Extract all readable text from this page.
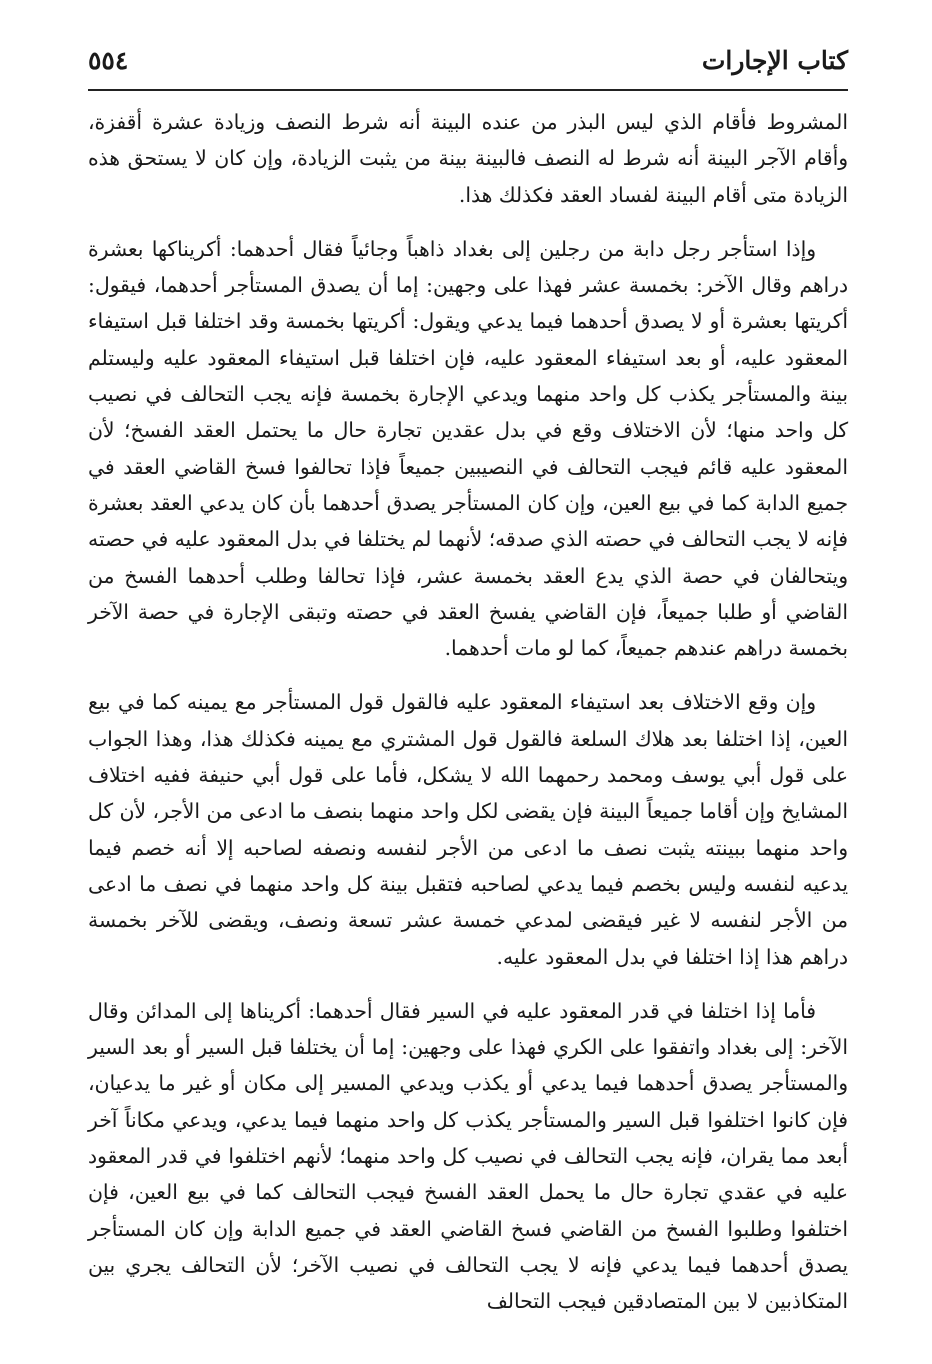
كتاب الإجارات
٥٥٤

المشروط فأقام الذي ليس البذر من عنده البينة أنه شرط النصف وزيادة عشرة أقفزة، وأقام الآجر البينة أنه شرط له النصف فالبينة بينة من يثبت الزيادة، وإن كان لا يستحق هذه الزيادة متى أقام البينة لفساد العقد فكذلك هذا.

وإذا استأجر رجل دابة من رجلين إلى بغداد ذاهباً وجائياً فقال أحدهما: أكريناكها بعشرة دراهم وقال الآخر: بخمسة عشر فهذا على وجهين: إما أن يصدق المستأجر أحدهما، فيقول: أكريتها بعشرة أو لا يصدق أحدهما فيما يدعي ويقول: أكريتها بخمسة وقد اختلفا قبل استيفاء المعقود عليه، أو بعد استيفاء المعقود عليه، فإن اختلفا قبل استيفاء المعقود عليه وليستلم بينة والمستأجر يكذب كل واحد منهما ويدعي الإجارة بخمسة فإنه يجب التحالف في نصيب كل واحد منها؛ لأن الاختلاف وقع في بدل عقدين تجارة حال ما يحتمل العقد الفسخ؛ لأن المعقود عليه قائم فيجب التحالف في النصيبين جميعاً فإذا تحالفوا فسخ القاضي العقد في جميع الدابة كما في بيع العين، وإن كان المستأجر يصدق أحدهما بأن كان يدعي العقد بعشرة فإنه لا يجب التحالف في حصته الذي صدقه؛ لأنهما لم يختلفا في بدل المعقود عليه في حصته ويتحالفان في حصة الذي يدع العقد بخمسة عشر، فإذا تحالفا وطلب أحدهما الفسخ من القاضي أو طلبا جميعاً، فإن القاضي يفسخ العقد في حصته وتبقى الإجارة في حصة الآخر بخمسة دراهم عندهم جميعاً، كما لو مات أحدهما.

وإن وقع الاختلاف بعد استيفاء المعقود عليه فالقول قول المستأجر مع يمينه كما في بيع العين، إذا اختلفا بعد هلاك السلعة فالقول قول المشتري مع يمينه فكذلك هذا، وهذا الجواب على قول أبي يوسف ومحمد رحمهما الله لا يشكل، فأما على قول أبي حنيفة ففيه اختلاف المشايخ وإن أقاما جميعاً البينة فإن يقضى لكل واحد منهما بنصف ما ادعى من الأجر، لأن كل واحد منهما ببينته يثبت نصف ما ادعى من الأجر لنفسه ونصفه لصاحبه إلا أنه خصم فيما يدعيه لنفسه وليس بخصم فيما يدعي لصاحبه فتقبل بينة كل واحد منهما في نصف ما ادعى من الأجر لنفسه لا غير فيقضى لمدعي خمسة عشر تسعة ونصف، ويقضى للآخر بخمسة دراهم هذا إذا اختلفا في بدل المعقود عليه.

فأما إذا اختلفا في قدر المعقود عليه في السير فقال أحدهما: أكريناها إلى المدائن وقال الآخر: إلى بغداد واتفقوا على الكري فهذا على وجهين: إما أن يختلفا قبل السير أو بعد السير والمستأجر يصدق أحدهما فيما يدعي أو يكذب ويدعي المسير إلى مكان أو غير ما يدعيان، فإن كانوا اختلفوا قبل السير والمستأجر يكذب كل واحد منهما فيما يدعي، ويدعي مكاناً آخر أبعد مما يقران، فإنه يجب التحالف في نصيب كل واحد منهما؛ لأنهم اختلفوا في قدر المعقود عليه في عقدي تجارة حال ما يحمل العقد الفسخ فيجب التحالف كما في بيع العين، فإن اختلفوا وطلبوا الفسخ من القاضي فسخ القاضي العقد في جميع الدابة وإن كان المستأجر يصدق أحدهما فيما يدعي فإنه لا يجب التحالف في نصيب الآخر؛ لأن التحالف يجري بين المتكاذبين لا بين المتصادقين فيجب التحالف
